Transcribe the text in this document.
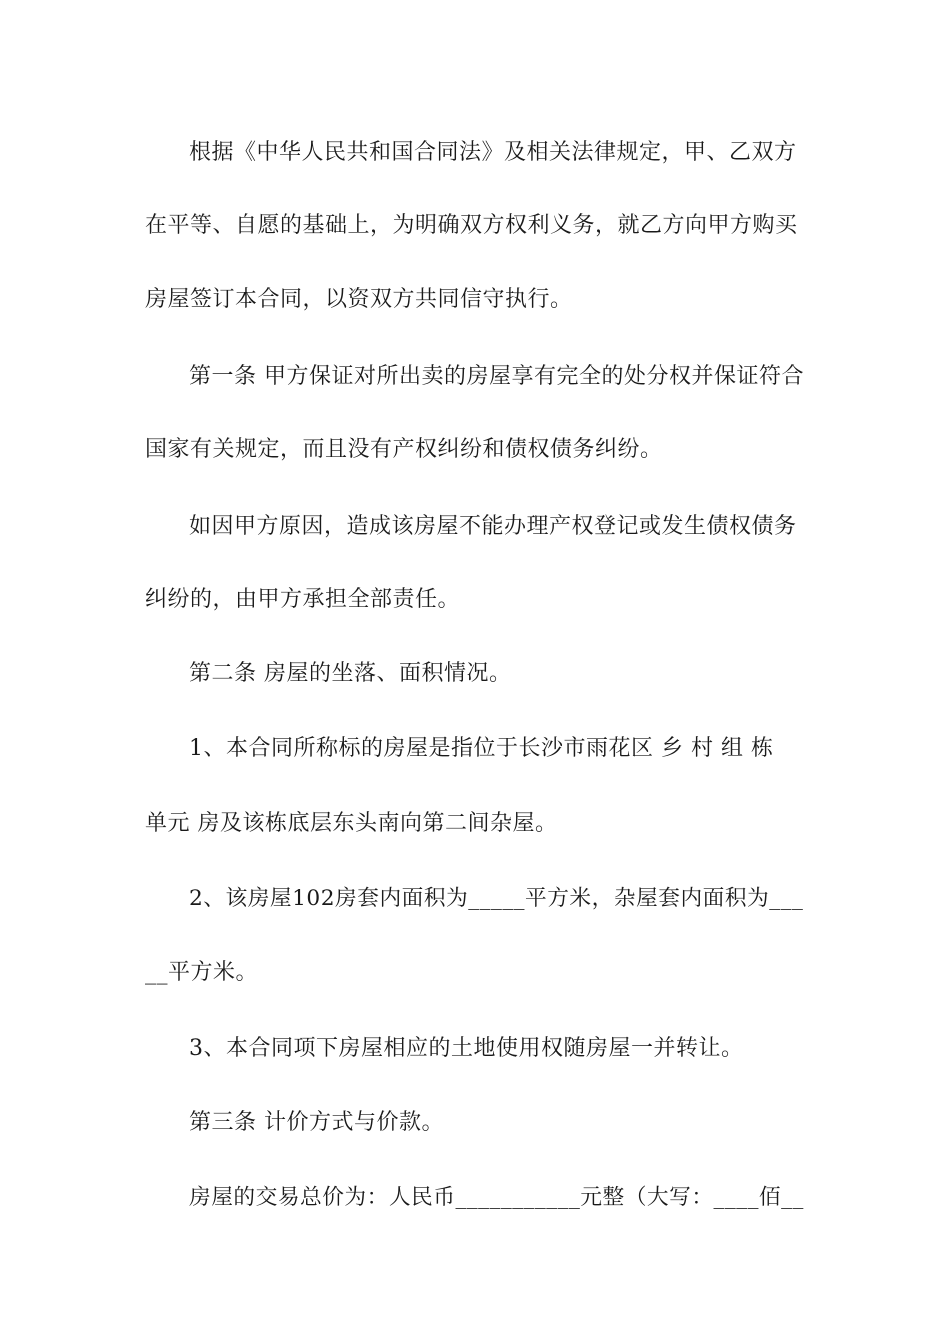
根据《中华人民共和国合同法》及相关法律规定，甲、乙双方
在平等、自愿的基础上，为明确双方权利义务，就乙方向甲方购买
房屋签订本合同，以资双方共同信守执行。
第一条 甲方保证对所出卖的房屋享有完全的处分权并保证符合
国家有关规定，而且没有产权纠纷和债权债务纠纷。
如因甲方原因，造成该房屋不能办理产权登记或发生债权债务
纠纷的，由甲方承担全部责任。
第二条 房屋的坐落、面积情况。
1、本合同所称标的房屋是指位于长沙市雨花区 乡 村 组 栋
单元 房及该栋底层东头南向第二间杂屋。
2、该房屋102房套内面积为_____平方米，杂屋套内面积为___
__平方米。
3、本合同项下房屋相应的土地使用权随房屋一并转让。
第三条 计价方式与价款。
房屋的交易总价为：人民币___________元整（大写：____佰__
